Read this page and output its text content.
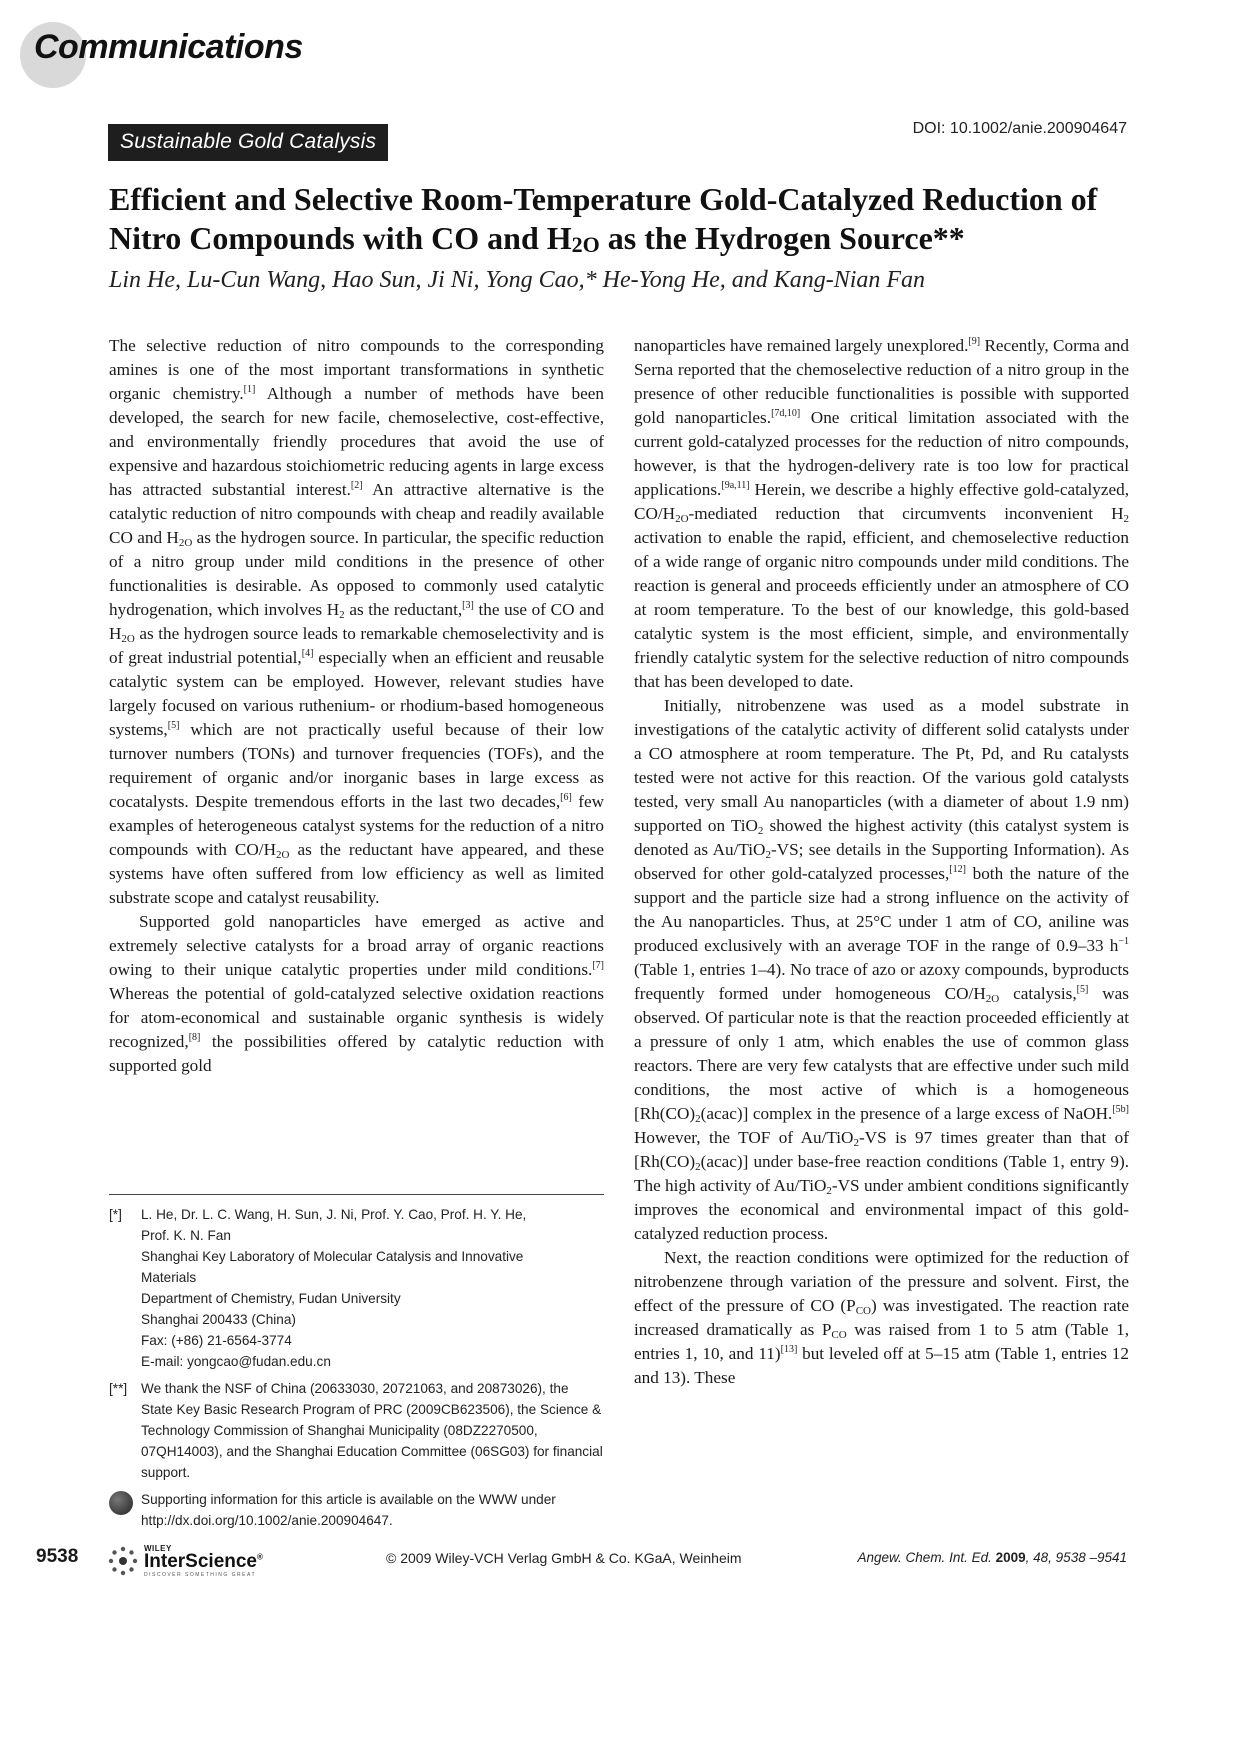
Communications
Sustainable Gold Catalysis
DOI: 10.1002/anie.200904647
Efficient and Selective Room-Temperature Gold-Catalyzed Reduction of Nitro Compounds with CO and $H_{2O}$ as the Hydrogen Source**
Lin He, Lu-Cun Wang, Hao Sun, Ji Ni, Yong Cao,* He-Yong He, and Kang-Nian Fan

The selective reduction of nitro compounds to the corresponding amines is one of the most important transformations in synthetic organic chemistry.[1] Although a number of methods have been developed, the search for new facile, chemoselective, cost-effective, and environmentally friendly procedures that avoid the use of expensive and hazardous stoichiometric reducing agents in large excess has attracted substantial interest.[2] An attractive alternative is the catalytic reduction of nitro compounds with cheap and readily available CO and $H_{2O}$ as the hydrogen source. In particular, the specific reduction of a nitro group under mild conditions in the presence of other functionalities is desirable. As opposed to commonly used catalytic hydrogenation, which involves $H_2$ as the reductant,[3] the use of CO and $H_{2O}$ as the hydrogen source leads to remarkable chemoselectivity and is of great industrial potential,[4] especially when an efficient and reusable catalytic system can be employed. However, relevant studies have largely focused on various ruthenium- or rhodium-based homogeneous systems,[5] which are not practically useful because of their low turnover numbers (TONs) and turnover frequencies (TOFs), and the requirement of organic and/or inorganic bases in large excess as cocatalysts. Despite tremendous efforts in the last two decades,[6] few examples of heterogeneous catalyst systems for the reduction of a nitro compounds with $CO/H_{2O}$ as the reductant have appeared, and these systems have often suffered from low efficiency as well as limited substrate scope and catalyst reusability.

Supported gold nanoparticles have emerged as active and extremely selective catalysts for a broad array of organic reactions owing to their unique catalytic properties under mild conditions.[7] Whereas the potential of gold-catalyzed selective oxidation reactions for atom-economical and sustainable organic synthesis is widely recognized,[8] the possibilities offered by catalytic reduction with supported gold

nanoparticles have remained largely unexplored.[9] Recently, Corma and Serna reported that the chemoselective reduction of a nitro group in the presence of other reducible functionalities is possible with supported gold nanoparticles.[7d,10] One critical limitation associated with the current gold-catalyzed processes for the reduction of nitro compounds, however, is that the hydrogen-delivery rate is too low for practical applications.[9a,11] Herein, we describe a highly effective gold-catalyzed, $CO/H_{2O}$-mediated reduction that circumvents inconvenient $H_2$ activation to enable the rapid, efficient, and chemoselective reduction of a wide range of organic nitro compounds under mild conditions. The reaction is general and proceeds efficiently under an atmosphere of CO at room temperature. To the best of our knowledge, this gold-based catalytic system is the most efficient, simple, and environmentally friendly catalytic system for the selective reduction of nitro compounds that has been developed to date.

Initially, nitrobenzene was used as a model substrate in investigations of the catalytic activity of different solid catalysts under a CO atmosphere at room temperature. The Pt, Pd, and Ru catalysts tested were not active for this reaction. Of the various gold catalysts tested, very small Au nanoparticles (with a diameter of about 1.9 nm) supported on TiO$_2$ showed the highest activity (this catalyst system is denoted as Au/TiO$_2$-VS; see details in the Supporting Information). As observed for other gold-catalyzed processes,[12] both the nature of the support and the particle size had a strong influence on the activity of the Au nanoparticles. Thus, at 25°C under 1 atm of CO, aniline was produced exclusively with an average TOF in the range of 0.9–33 h$^{-1}$ (Table 1, entries 1–4). No trace of azo or azoxy compounds, byproducts frequently formed under homogeneous $CO/H_{2O}$ catalysis,[5] was observed. Of particular note is that the reaction proceeded efficiently at a pressure of only 1 atm, which enables the use of common glass reactors. There are very few catalysts that are effective under such mild conditions, the most active of which is a homogeneous $[Rh(CO)_2(acac)]$ complex in the presence of a large excess of NaOH.[5b] However, the TOF of Au/TiO$_2$-VS is 97 times greater than that of $[Rh(CO)_2(acac)]$ under base-free reaction conditions (Table 1, entry 9). The high activity of Au/TiO$_2$-VS under ambient conditions significantly improves the economical and environmental impact of this gold-catalyzed reduction process.

Next, the reaction conditions were optimized for the reduction of nitrobenzene through variation of the pressure and solvent. First, the effect of the pressure of CO $(P_{CO})$ was investigated. The reaction rate increased dramatically as $P_{CO}$ was raised from 1 to 5 atm (Table 1, entries 1, 10, and 11)[13] but leveled off at 5–15 atm (Table 1, entries 12 and 13). These

[*]	L. He, Dr. L. C. Wang, H. Sun, J. Ni, Prof. Y. Cao, Prof. H. Y. He,
Prof. K. N. Fan
Shanghai Key Laboratory of Molecular Catalysis and Innovative
Materials
Department of Chemistry, Fudan University
Shanghai 200433 (China)
Fax: (+86) 21-6564-3774
E-mail: yongcao@fudan.edu.cn
[**]	We thank the NSF of China (20633030, 20721063, and 20873026), the State Key Basic Research Program of PRC (2009CB623506), the Science & Technology Commission of Shanghai Municipality (08DZ2270500, 07QH14003), and the Shanghai Education Committee (06SG03) for financial support.
Supporting information for this article is available on the WWW under http://dx.doi.org/10.1002/anie.200904647.
9538	WILEY
InterScience®
DISCOVER SOMETHING GREAT
© 2009 Wiley-VCH Verlag GmbH & Co. KGaA, Weinheim	Angew. Chem. Int. Ed. 2009, 48, 9538 –9541
